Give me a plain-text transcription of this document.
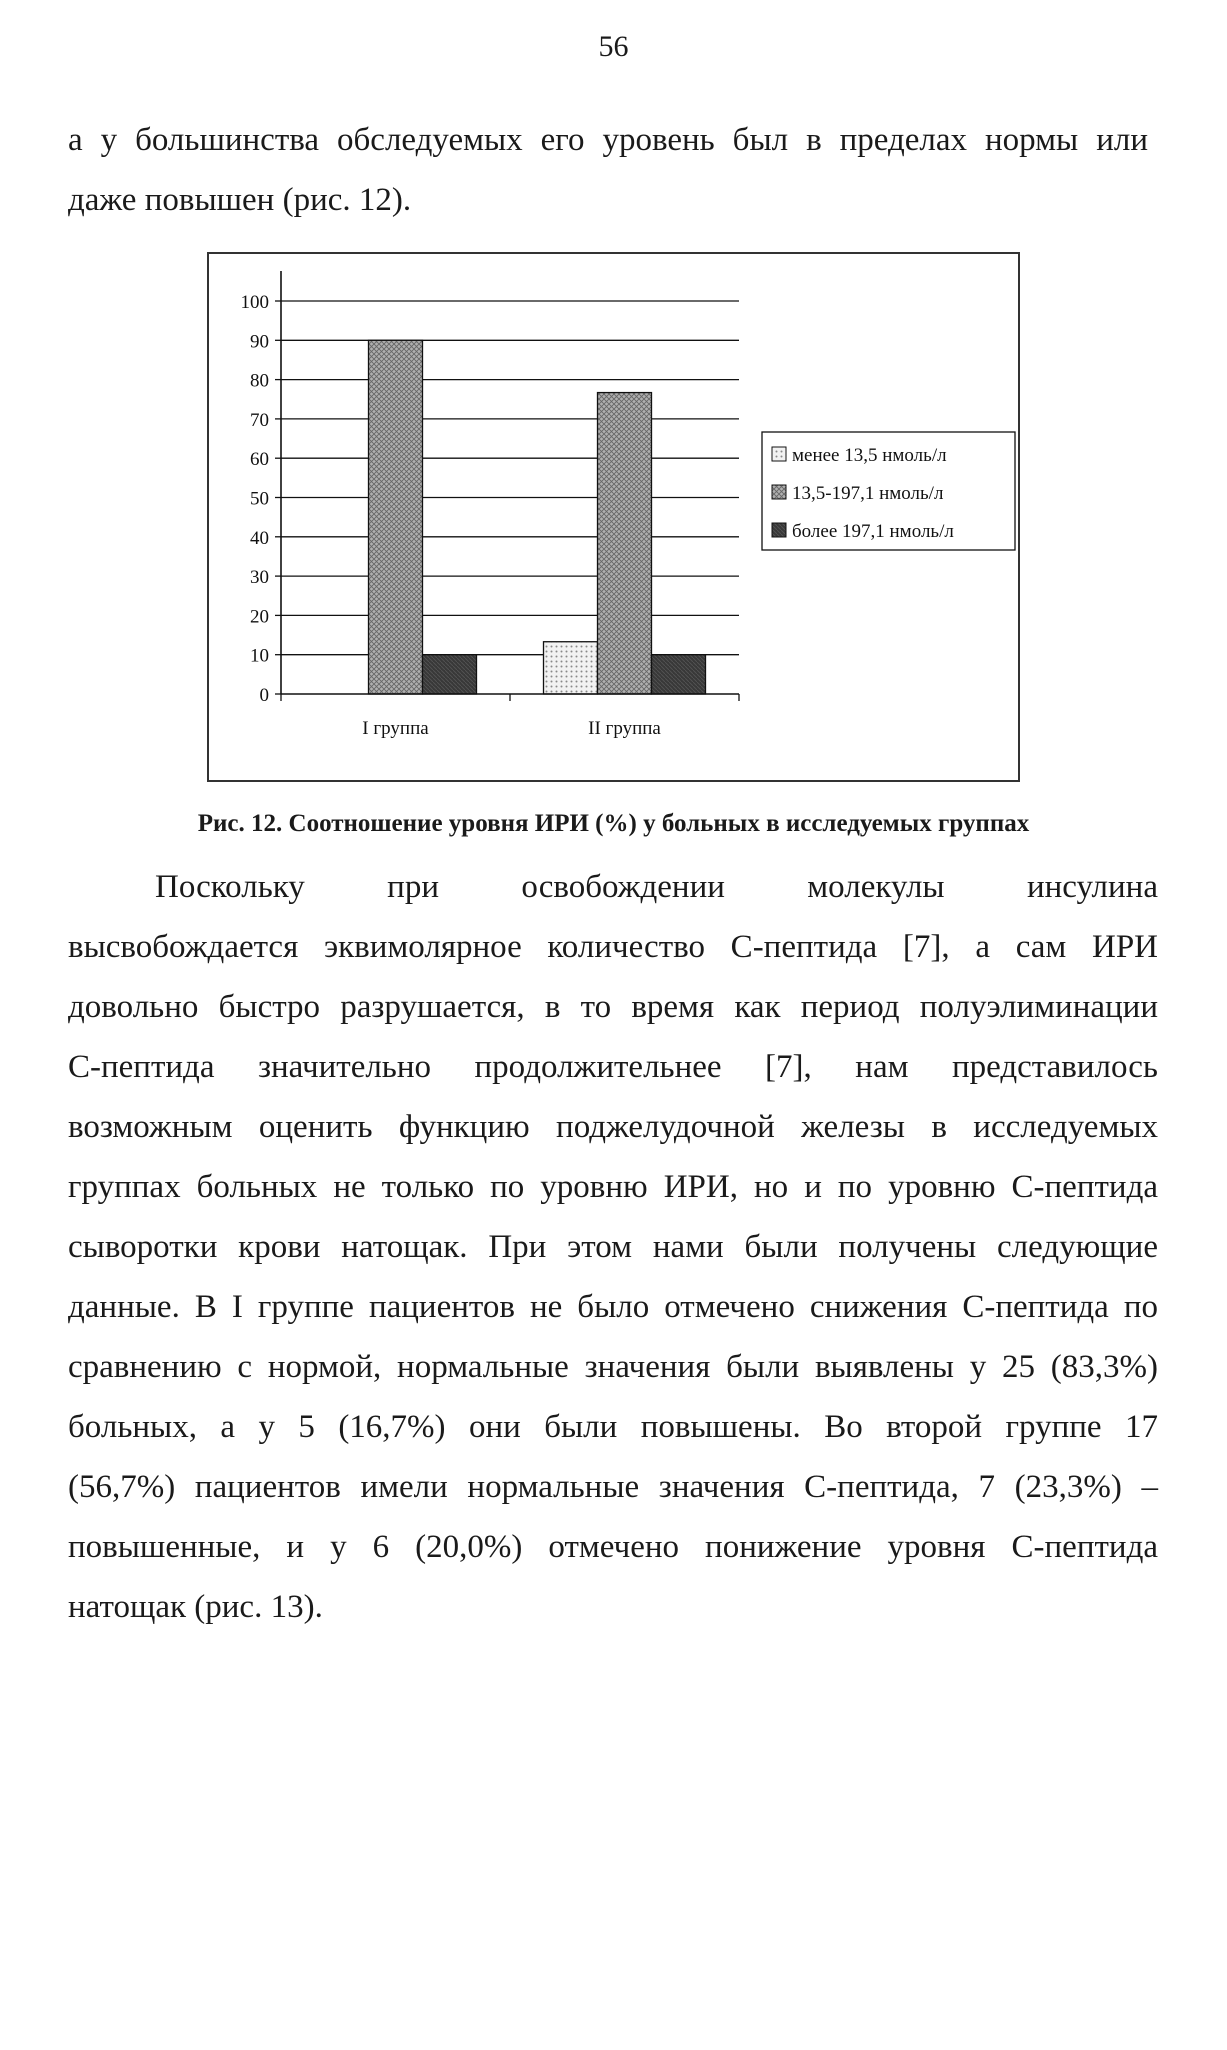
56

а у большинства обследуемых его уровень был в пределах нормы или

даже повышен (рис. 12).

0
10
20
30
40
50
60
70
80
90
100
I группа	II группа
менее 13,5 нмоль/л
13,5-197,1 нмоль/л
более 197,1 нмоль/л
Рис. 12. Соотношение уровня ИРИ (%) у больных в исследуемых группах
Поскольку при освобождении молекулы инсулина
высвобождается эквимолярное количество С-пептида [7], а сам ИРИ
довольно быстро разрушается, в то время как период полуэлиминации
С-пептида значительно продолжительнее [7], нам представилось
возможным оценить функцию поджелудочной железы в исследуемых
группах больных не только по уровню ИРИ, но и по уровню С-пептида
сыворотки крови натощак. При этом нами были получены следующие
данные. В I группе пациентов не было отмечено снижения С-пептида по
сравнению с нормой, нормальные значения были выявлены у 25 (83,3%)
больных, а у 5 (16,7%) они были повышены. Во второй группе 17
(56,7%) пациентов имели нормальные значения С-пептида, 7 (23,3%) –
повышенные, и у 6 (20,0%) отмечено понижение уровня С-пептида
натощак (рис. 13).
